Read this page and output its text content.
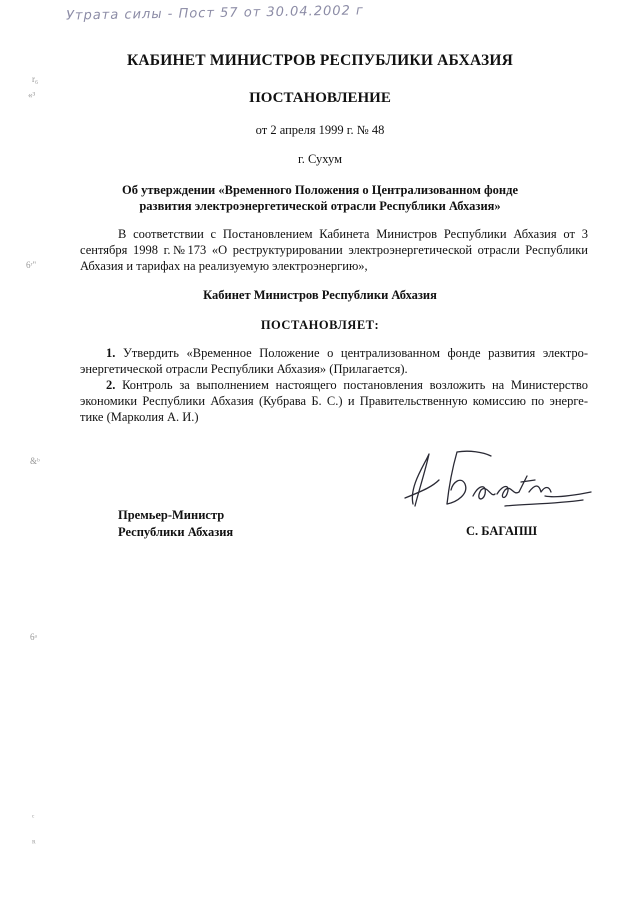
Утрата силы - Пост 57 от 30.04.2002 г
r₆
«³
6ʳ"
&ᵇ
6ᵃ
ᶜ
ᴿ
КАБИНЕТ МИНИСТРОВ РЕСПУБЛИКИ АБХАЗИЯ
ПОСТАНОВЛЕНИЕ
от 2 апреля 1999 г. № 48
г. Сухум
Об утверждении «Временного Положения о Централизованном фонде
развития электроэнергетической отрасли Республики Абхазия»

В соответствии с Постановлением Кабинета Министров Республики Абхазия от 3 сентября 1998 г.№173 «О реструктурировании электроэнергетической отрасли Республики Абхазия и тарифах на реализуемую электроэнергию»,

Кабинет Министров Республики Абхазия
ПОСТАНОВЛЯЕТ:

1. Утвердить «Временное Положение о централизованном фонде развития электро-энергетической отрасли Республики Абхазия» (Прилагается).

2. Контроль за выполнением настоящего постановления возложить на Министерство экономики Республики Абхазия (Кубрава Б. С.) и Правительственную комиссию по энерге-тике (Марколия А. И.)

Премьер-Министр
Республики Абхазия	С. БАГАПШ
